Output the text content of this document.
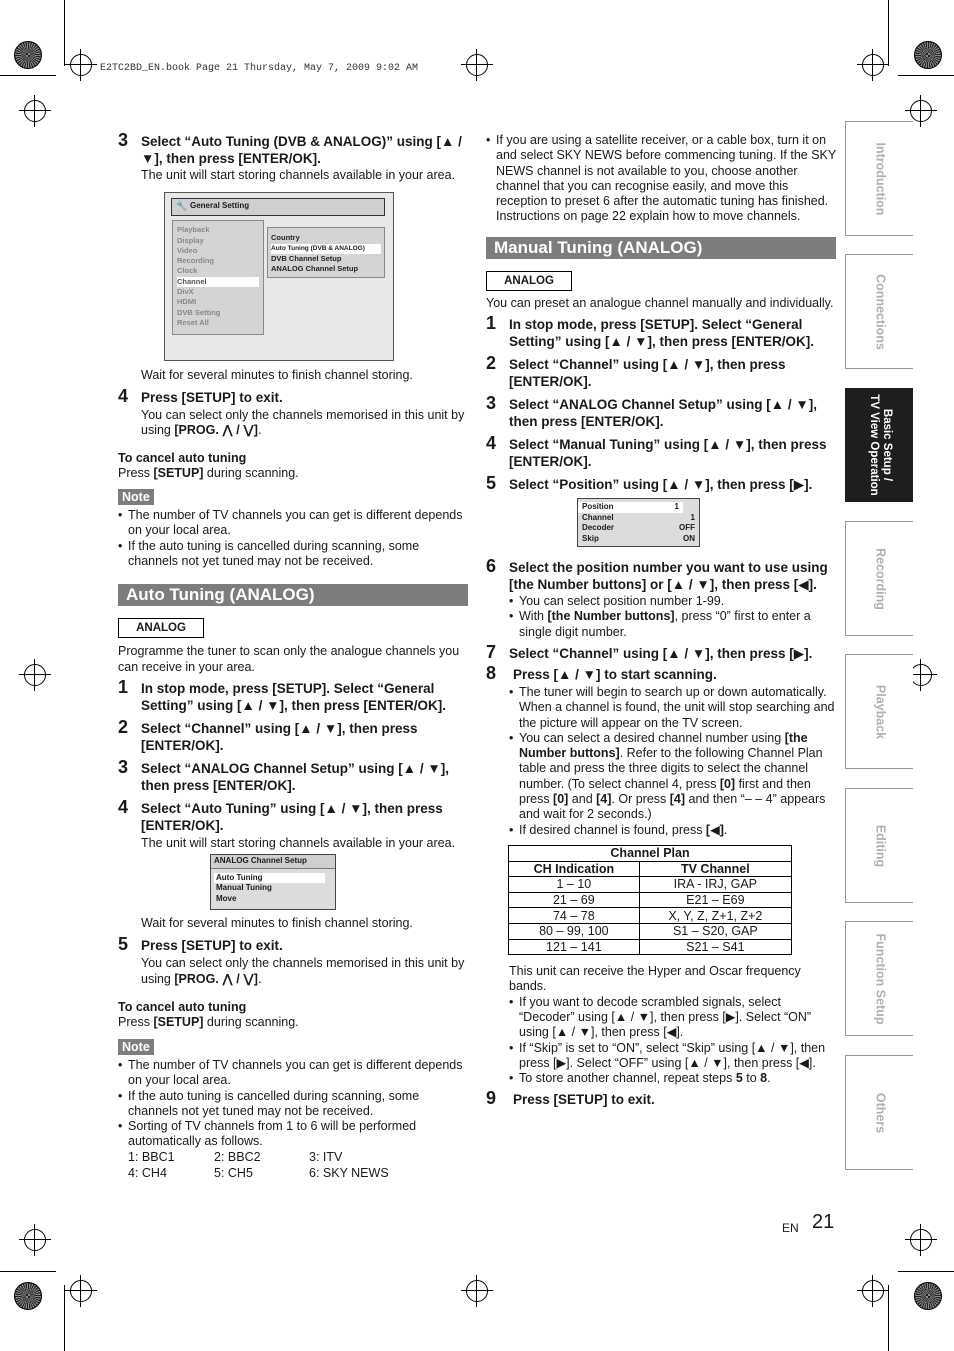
E2TC2BD_EN.book Page 21 Thursday, May 7, 2009 9:02 AM
3 Select “Auto Tuning (DVB & ANALOG)” using [▲ / ▼], then press [ENTER/OK].
The unit will start storing channels available in your area.
🔧 General Setting
Playback
Display
Video
Recording
Clock
Channel
DivX
HDMI
DVB Setting
Reset All
▶
Country
Auto Tuning (DVB & ANALOG)
DVB Channel Setup
ANALOG Channel Setup
Wait for several minutes to finish channel storing.
4 Press [SETUP] to exit.
You can select only the channels memorised in this unit by using [PROG. ⋀ / ⋁].
To cancel auto tuning
Press [SETUP] during scanning.
Note
• The number of TV channels you can get is different depends on your local area.
• If the auto tuning is cancelled during scanning, some channels not yet tuned may not be received.
Auto Tuning (ANALOG)
ANALOG
Programme the tuner to scan only the analogue channels you can receive in your area.
1 In stop mode, press [SETUP]. Select “General Setting” using [▲ / ▼], then press [ENTER/OK].
2 Select “Channel” using [▲ / ▼], then press [ENTER/OK].
3 Select “ANALOG Channel Setup” using [▲ / ▼], then press [ENTER/OK].
4 Select “Auto Tuning” using [▲ / ▼], then press [ENTER/OK].
The unit will start storing channels available in your area.
ANALOG Channel Setup
Auto Tuning
Manual Tuning
Move
Wait for several minutes to finish channel storing.
5 Press [SETUP] to exit.
You can select only the channels memorised in this unit by using [PROG. ⋀ / ⋁].
To cancel auto tuning
Press [SETUP] during scanning.
Note
• The number of TV channels you can get is different depends on your local area.
• If the auto tuning is cancelled during scanning, some channels not yet tuned may not be received.
• Sorting of TV channels from 1 to 6 will be performed automatically as follows.
1: BBC1	2: BBC2	3: ITV
4: CH4	5: CH5	6: SKY NEWS
• If you are using a satellite receiver, or a cable box, turn it on and select SKY NEWS before commencing tuning. If the SKY NEWS channel is not available to you, choose another channel that you can recognise easily, and move this reception to preset 6 after the automatic tuning has finished. Instructions on page 22 explain how to move channels.
Manual Tuning (ANALOG)
ANALOG
You can preset an analogue channel manually and individually.
1 In stop mode, press [SETUP]. Select “General Setting” using [▲ / ▼], then press [ENTER/OK].
2 Select “Channel” using [▲ / ▼], then press [ENTER/OK].
3 Select “ANALOG Channel Setup” using [▲ / ▼], then press [ENTER/OK].
4 Select “Manual Tuning” using [▲ / ▼], then press [ENTER/OK].
5 Select “Position” using [▲ / ▼], then press [▶].
Position	1
Channel	1
Decoder	OFF
Skip	ON
6 Select the position number you want to use using [the Number buttons] or [▲ / ▼], then press [◀].
• You can select position number 1-99.
• With [the Number buttons], press “0” first to enter a single digit number.
7 Select “Channel” using [▲ / ▼], then press [▶].
8 Press [▲ / ▼] to start scanning.
• The tuner will begin to search up or down automatically. When a channel is found, the unit will stop searching and the picture will appear on the TV screen.
• You can select a desired channel number using [the Number buttons]. Refer to the following Channel Plan table and press the three digits to select the channel number. (To select channel 4, press [0] first and then press [0] and [4]. Or press [4] and then “– – 4” appears and wait for 2 seconds.)
• If desired channel is found, press [◀].
Channel Plan	
CH Indication	TV Channel
1 – 10	IRA - IRJ, GAP
21 – 69	E21 – E69
74 – 78	X, Y, Z, Z+1, Z+2
80 – 99, 100	S1 – S20, GAP
121 – 141	S21 – S41
This unit can receive the Hyper and Oscar frequency bands.
• If you want to decode scrambled signals, select “Decoder” using [▲ / ▼], then press [▶]. Select “ON” using [▲ / ▼], then press [◀].
• If “Skip” is set to “ON”, select “Skip” using [▲ / ▼], then press [▶]. Select “OFF” using [▲ / ▼], then press [◀].
• To store another channel, repeat steps 5 to 8.
9 Press [SETUP] to exit.
Introduction
Connections
Basic Setup /
TV View Operation
Recording
Playback
Editing
Function Setup
Others
EN 21
